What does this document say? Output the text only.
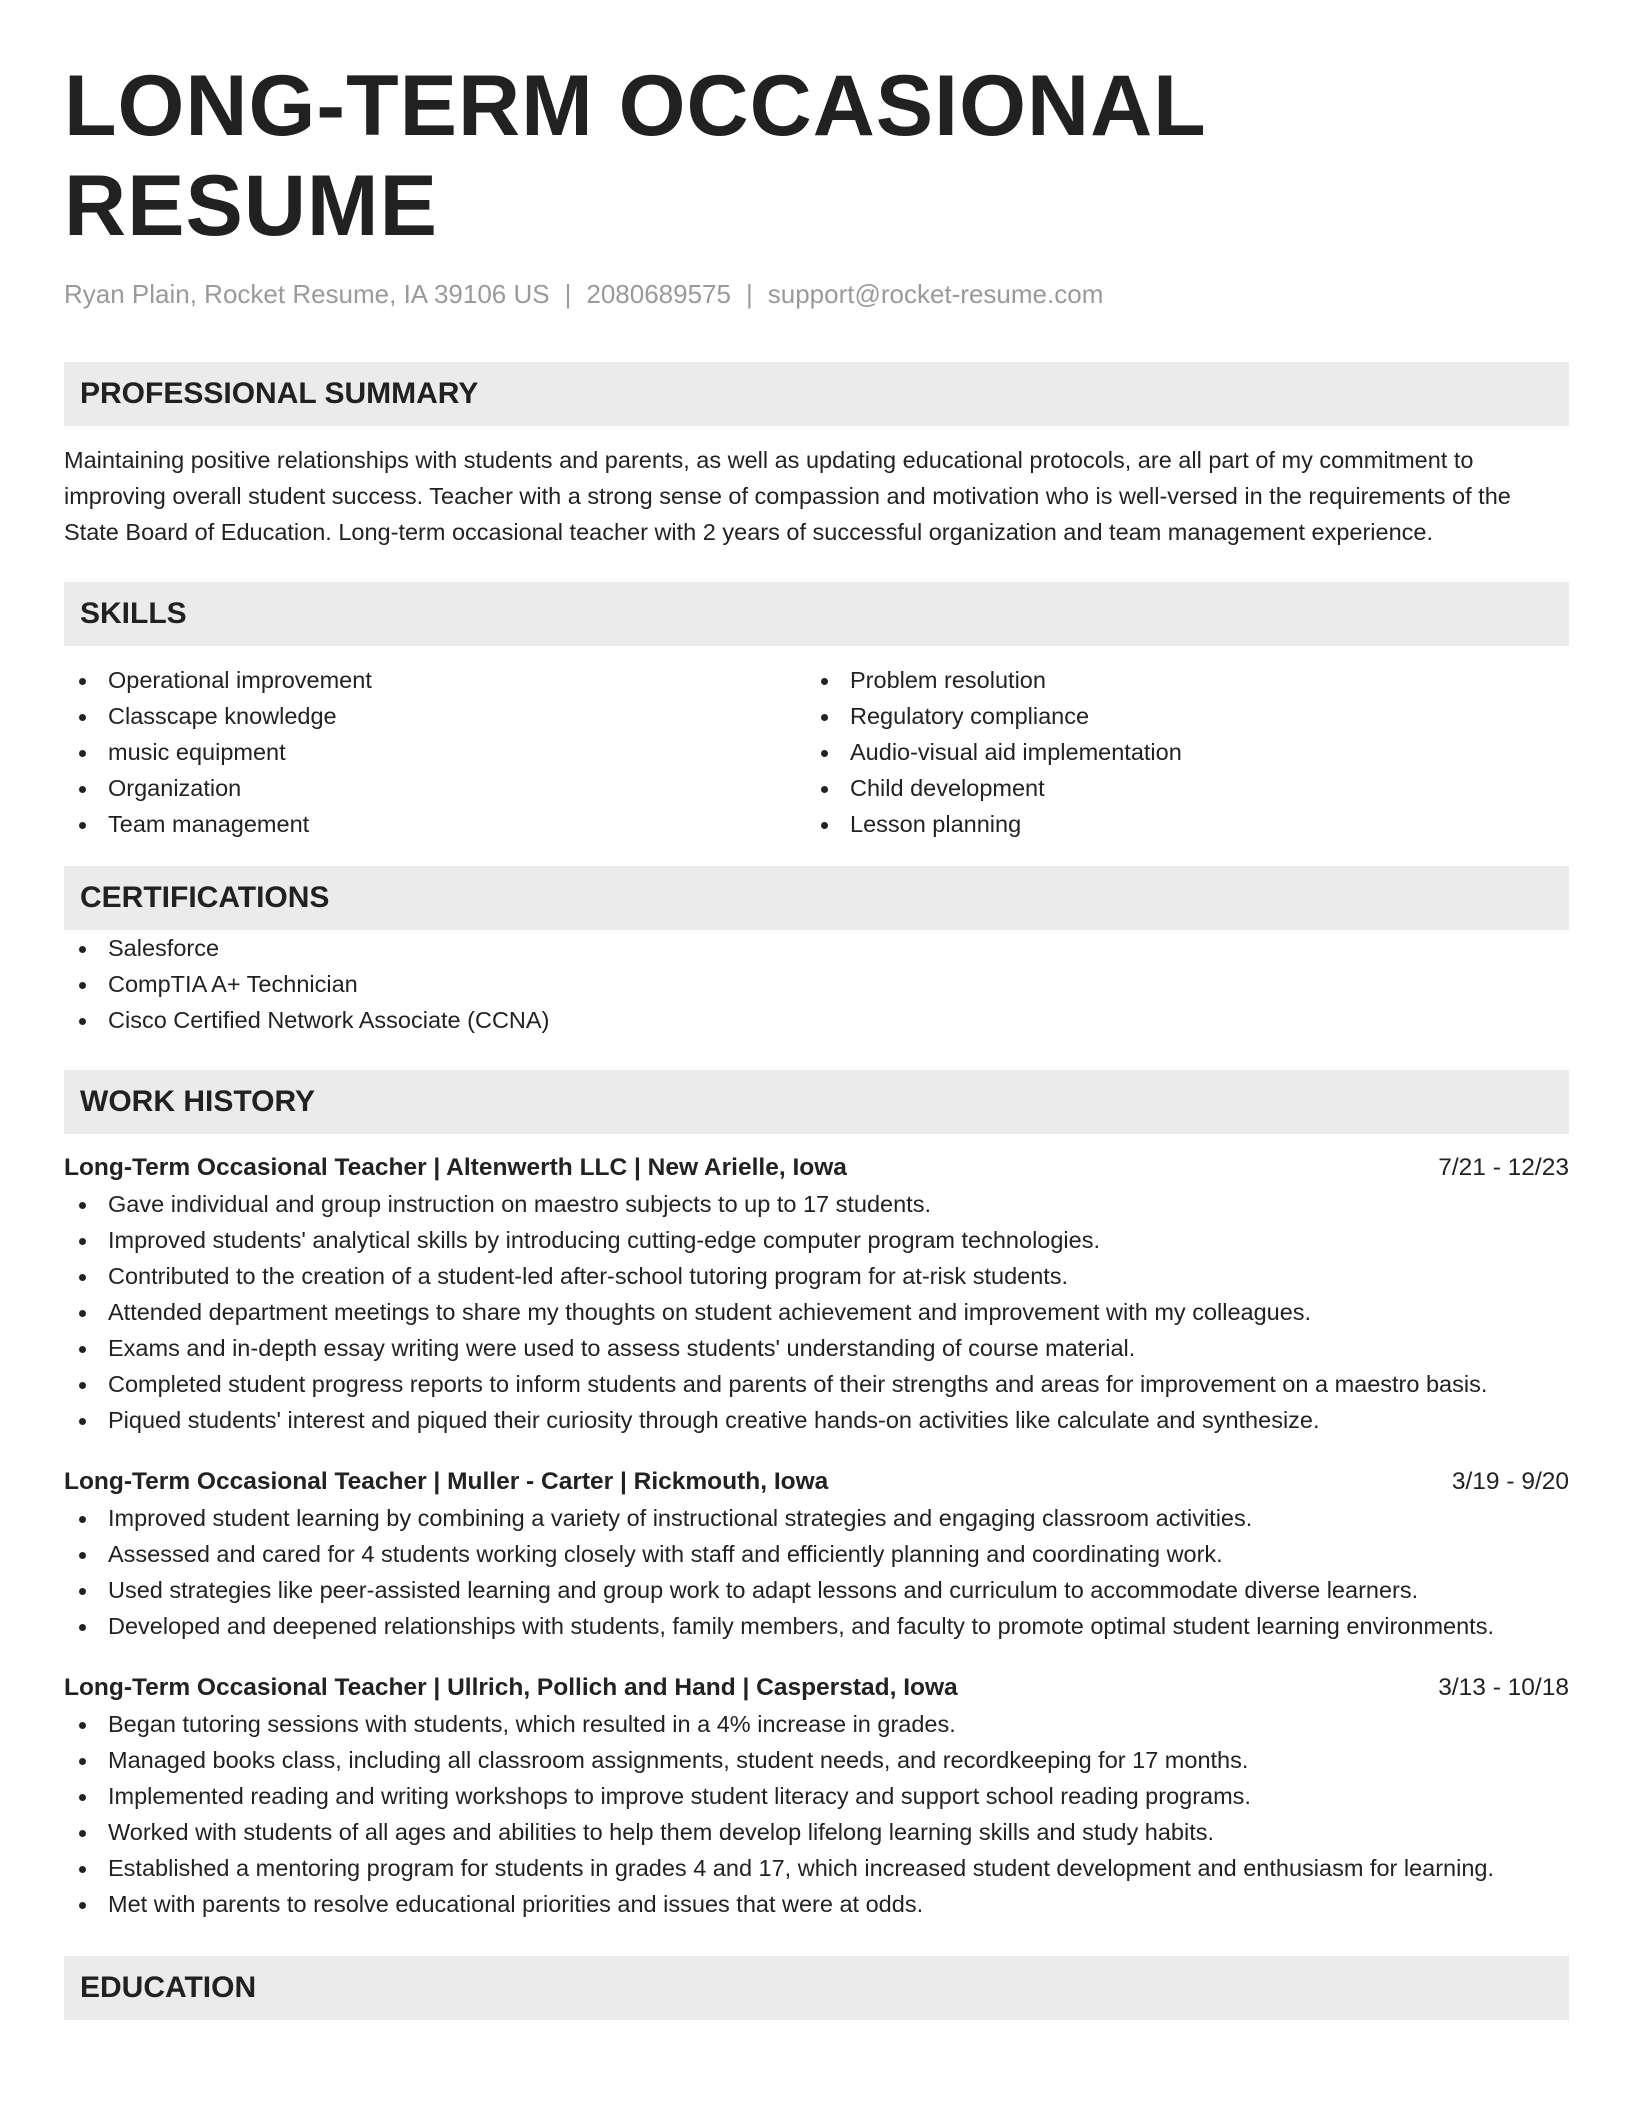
LONG-TERM OCCASIONAL RESUME
Ryan Plain, Rocket Resume, IA 39106 US | 2080689575 | support@rocket-resume.com
PROFESSIONAL SUMMARY
Maintaining positive relationships with students and parents, as well as updating educational protocols, are all part of my commitment to improving overall student success. Teacher with a strong sense of compassion and motivation who is well-versed in the requirements of the State Board of Education. Long-term occasional teacher with 2 years of successful organization and team management experience.
SKILLS
Operational improvement
Classcape knowledge
music equipment
Organization
Team management
Problem resolution
Regulatory compliance
Audio-visual aid implementation
Child development
Lesson planning
CERTIFICATIONS
Salesforce
CompTIA A+ Technician
Cisco Certified Network Associate (CCNA)
WORK HISTORY
Long-Term Occasional Teacher | Altenwerth LLC | New Arielle, Iowa	7/21 - 12/23
Gave individual and group instruction on maestro subjects to up to 17 students.
Improved students' analytical skills by introducing cutting-edge computer program technologies.
Contributed to the creation of a student-led after-school tutoring program for at-risk students.
Attended department meetings to share my thoughts on student achievement and improvement with my colleagues.
Exams and in-depth essay writing were used to assess students' understanding of course material.
Completed student progress reports to inform students and parents of their strengths and areas for improvement on a maestro basis.
Piqued students' interest and piqued their curiosity through creative hands-on activities like calculate and synthesize.
Long-Term Occasional Teacher | Muller - Carter | Rickmouth, Iowa	3/19 - 9/20
Improved student learning by combining a variety of instructional strategies and engaging classroom activities.
Assessed and cared for 4 students working closely with staff and efficiently planning and coordinating work.
Used strategies like peer-assisted learning and group work to adapt lessons and curriculum to accommodate diverse learners.
Developed and deepened relationships with students, family members, and faculty to promote optimal student learning environments.
Long-Term Occasional Teacher | Ullrich, Pollich and Hand | Casperstad, Iowa	3/13 - 10/18
Began tutoring sessions with students, which resulted in a 4% increase in grades.
Managed books class, including all classroom assignments, student needs, and recordkeeping for 17 months.
Implemented reading and writing workshops to improve student literacy and support school reading programs.
Worked with students of all ages and abilities to help them develop lifelong learning skills and study habits.
Established a mentoring program for students in grades 4 and 17, which increased student development and enthusiasm for learning.
Met with parents to resolve educational priorities and issues that were at odds.
EDUCATION
